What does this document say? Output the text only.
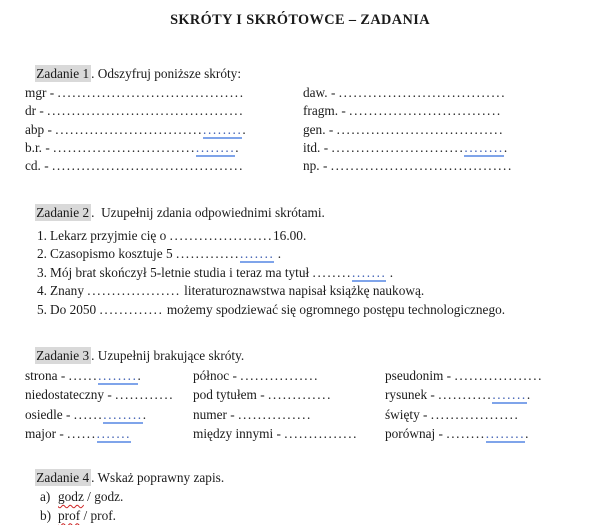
SKRÓTY I SKRÓTOWCE – ZADANIA

Zadanie 1 . Odszyfruj poniższe skróty:

mgr - ......................................
dr - ........................................
abp - .......................................
b.r. - ......................................
cd. - .......................................
daw. - ..................................
fragm. - ...............................
gen. - ..................................
itd. - ....................................
np. - .....................................

Zadanie 2 .  Uzupełnij zdania odpowiednimi skrótami.

1. Lekarz przyjmie cię o .....................16.00.
2. Czasopismo kosztuje 5 .................... .
3. Mój brat skończył 5-letnie studia i teraz ma tytuł ............... .
4. Znany ................... literaturoznawstwa napisał książkę naukową.
5. Do 2050 ............. możemy spodziewać się ogromnego postępu technologicznego.

Zadanie 3 . Uzupełnij brakujące skróty.

strona - ...............
niedostateczny - ............
osiedle - ...............
major - .............
północ - ................
pod tytułem - .............
numer - ...............
między innymi - ...............
pseudonim - ..................
rysunek - ...................
święty - ..................
porównaj - .................

Zadanie 4 . Wskaż poprawny zapis.

a) godz / godz.
b) prof / prof.
